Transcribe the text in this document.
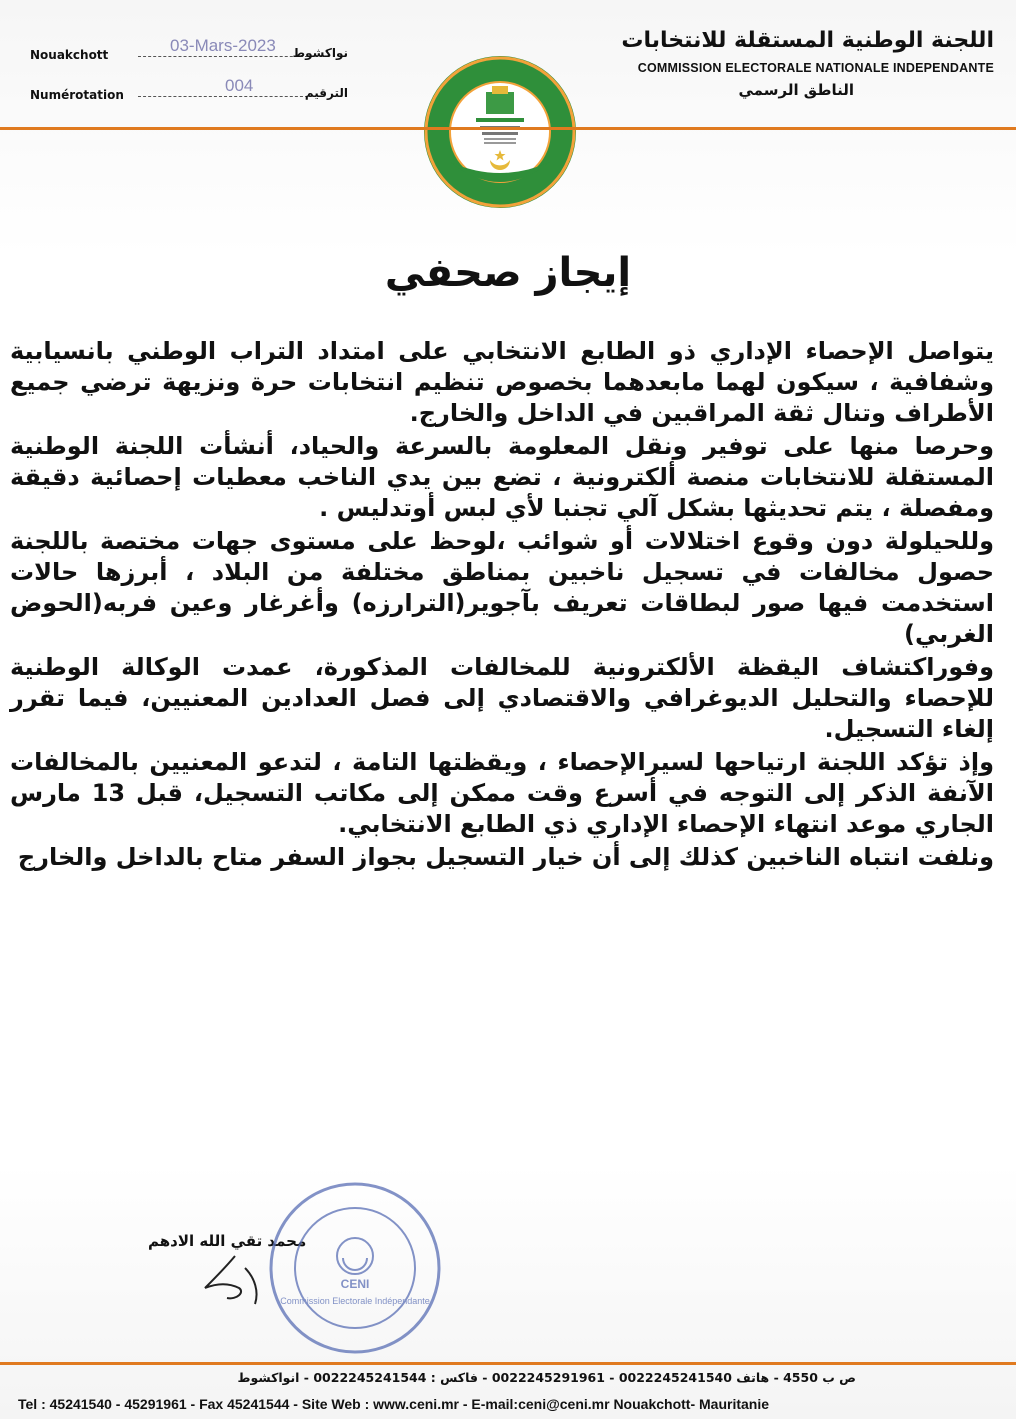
Nouakchott	03-Mars-2023 نواكشوط
Numérotation	004	الترقيم
اللجنة الوطنية المستقلة للانتخابات
COMMISSION ELECTORALE NATIONALE INDEPENDANTE
الناطق الرسمي
إيجاز صحفي

يتواصل الإحصاء الإداري ذو الطابع الانتخابي على امتداد التراب الوطني بانسيابية وشفافية ، سيكون لهما مابعدهما بخصوص تنظيم انتخابات حرة ونزيهة ترضي جميع الأطراف وتنال ثقة المراقبين في الداخل والخارج.

وحرصا منها على توفير ونقل المعلومة بالسرعة والحياد، أنشأت اللجنة الوطنية المستقلة للانتخابات منصة ألكترونية ، تضع بين يدي الناخب معطيات إحصائية دقيقة ومفصلة ، يتم تحديثها بشكل آلي تجنبا لأي لبس أوتدليس .

وللحيلولة دون وقوع اختلالات أو شوائب ،لوحظ على مستوى جهات مختصة باللجنة حصول مخالفات في تسجيل ناخبين بمناطق مختلفة من البلاد ، أبرزها حالات استخدمت فيها صور لبطاقات تعريف بآجوير(الترارزه) وأغرغار وعين فربه(الحوض الغربي)

وفوراكتشاف اليقظة الألكترونية للمخالفات المذكورة، عمدت الوكالة الوطنية للإحصاء والتحليل الديوغرافي والاقتصادي إلى فصل العدادين المعنيين، فيما تقرر إلغاء التسجيل.

وإذ تؤكد اللجنة ارتياحها لسيرالإحصاء ، ويقظتها التامة ، لتدعو المعنيين بالمخالفات الآنفة الذكر إلى التوجه في أسرع وقت ممكن إلى مكاتب التسجيل، قبل 13 مارس الجاري موعد انتهاء الإحصاء الإداري ذي الطابع الانتخابي.

ونلفت انتباه الناخبين كذلك إلى أن خيار التسجيل بجواز السفر متاح بالداخل والخارج

محمد تقي الله الادهم
CENI
Commission Electorale Indépendante
ص ب 4550 - هاتف 0022245241540 - 0022245291961 - فاكس : 0022245241544 - انواكشوط
Tel : 45241540 - 45291961 - Fax 45241544 - Site Web : www.ceni.mr - E-mail:ceni@ceni.mr Nouakchott- Mauritanie
